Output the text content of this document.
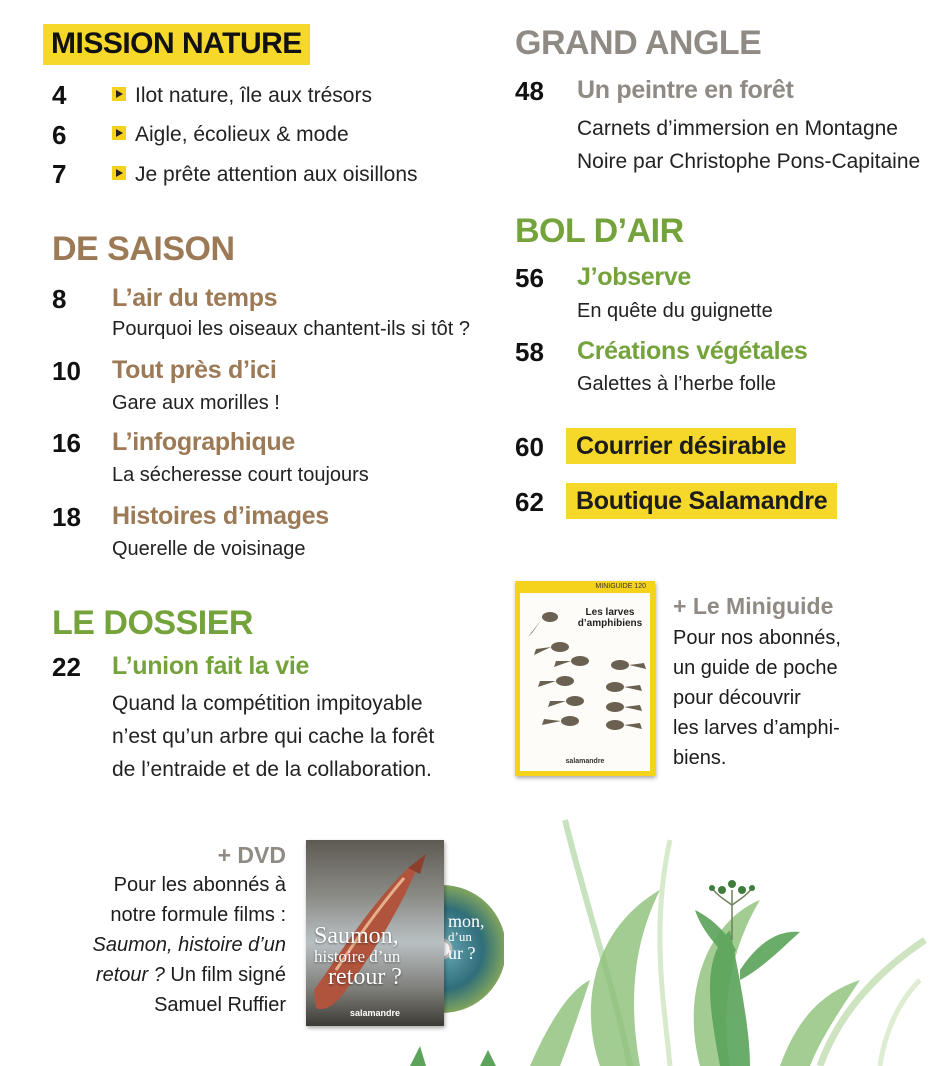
MISSION NATURE
4	Ilot nature, île aux trésors
6	Aigle, écolieux & mode
7	Je prête attention aux oisillons
DE SAISON
8 L’air du temps
Pourquoi les oiseaux chantent-ils si tôt ?
10 Tout près d’ici
Gare aux morilles !
16 L’infographique
La sécheresse court toujours
18 Histoires d’images
Querelle de voisinage
LE DOSSIER
22 L’union fait la vie
Quand la compétition impitoyable
n’est qu’un arbre qui cache la forêt
de l’entraide et de la collaboration.
+ DVD
Pour les abonnés à
notre formule films :
Saumon, histoire d’un
retour ? Un film signé
Samuel Ruffier
mon,
d’un
ur ?
Saumon,
histoire d’un
retour ?
salamandre
GRAND ANGLE
48 Un peintre en forêt
Carnets d’immersion en Montagne
Noire par Christophe Pons-Capitaine
BOL D’AIR
56 J’observe
En quête du guignette
58 Créations végétales
Galettes à l’herbe folle
60	Courrier désirable
62	Boutique Salamandre
MINIGUIDE 120
Les larves d’amphibiens
salamandre
+ Le Miniguide
Pour nos abonnés,
un guide de poche
pour découvrir
les larves d’amphi-
biens.
